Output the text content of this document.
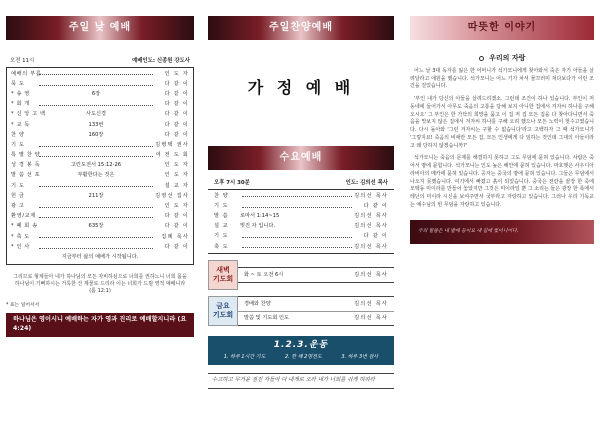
주일 낮 예배
오전 11시	예배인도: 신종원 강도사
예배의 부름	인 도 자
묵 도	다 같 이
* 송 영	6장	다 같 이
* 회 개	다 같 이
* 신 앙 고 백	사도신경	다 같 이
* 교 독	133번	다 같 이
찬 양	160장	다 같 이
기 도	김병택 권사
특 별 찬 양	여 전 도 회
성 경 봉 독	고린도전서 15:12-26	인 도 자
말 씀 선 포	부활한다는 것은	인 도 자
기 도	설 교 자
헌 금	211장	김영선 집사
광 고	인 도 자
환영/교제	다 같 이
* 폐 회 송	635장	다 같 이
* 축 도	집례 목사
* 인 사	다 같 이
지금부터 삶의 예배가 시작됩니다.
그리므로 형제들아 내가 하나님의 모든 자비하심으로 너희를 권하노니 너희 몸을 하나님이 기뻐하시는 거룩한 산 제물로 드리라 이는 너희가 드릴 영적 예배니라(롬 12:1)
* 표는 일어서서
하나님은 영이시니 예배하는 자가 영과 진리로 예배할지니라 (요4:24)
주일찬양예배
가 정 예 배
수요예배
오후 7시 30분	인도: 김의선 목사
찬 양	김의선 목사
기 도	다 같 이
말 씀	로마서 1:14~15	김의선 목사
설 교	빚진 자 입니다.	김의선 목사
기 도	다 같 이
축 도	김의선 목사
새벽
기도회
화 ~ 토 오전 6시	김의선 목사
금요
기도회
경배와 찬양	김의선 목사
말씀 및 기도회 인도	김의선 목사
1.2.3.운동
1. 하루 1시간 기도	2. 한 해 2명전도	3. 하루 3번 감사
수고하고 무거운 짐진 자들아 다 내게로 오라 내가 너희를 쉬게 하리라
따뜻한 이야기
우리의 자랑

어느 날 3대 독자를 잃은 한 어머니가 석가모니에게 찾아와서 죽은 자기 아들을 살려달라고 애원을 했습니다. 석가모니는 어느 기가 차서 물끄러미 쳐다보다가 이런 조건을 걸었습니다.

'부인 내가 당신의 아들을 살려드리겠소. 그런데 조건이 하나 있습니다. 부인이 저 동네에 들어가서 아무도 죽음의 고통을 당해 보지 아니한 집에서 겨자씨 하나를 구해 오시오' 그 부인은 한 가닥의 희망을 품고 이 집 저 집 모든 집을 다 찾아다니면서 죽음을 맛보지 않은 집에서 겨자씨 하나를 구해 오려 했으나 모든 노력이 헛수고였습니다. 다시 돌아와 '그런 겨자씨는 구할 수 없습니다'라고 고백하자 그 때 석가모니가 '그렇지요! 죽음의 비애란 모든 집, 모든 인생에게 다 임하는 것인데 그대의 아들이라고 왜 당하지 않겠습니까?'

석가모니는 죽음의 문제를 해결하지 못하고 그도 무덤에 묻혀 있습니다. 사람은 죽어서 땅에 묻힙니다. 석가모니는 인도 높은 해안에 묻혀 있습니다. 마호멧은 사우디아라비아의 메카에 묻혀 있습니다. 공자는 중국의 땅에 묻혀 있습니다. 그들은 무덤에서 나오지 못했습니다. 여기에서 빠졌고 흙이 되었습니다. 중국은 전란을 끝장 한 죽에 모택동 미이라를 만들어 놓았지만 그것은 미이라일 뿐 그 소리는 들은 광장 한 폭에서 레닌의 미이라 시신을 보여주면서 국부라고 자랑하고 있습니다. 그러나 우리 기독교는 예수님의 빈 무덤을 자랑하고 있습니다.

주의 말씀은 내 발에 등이요 내 길에 빛이니이다.
